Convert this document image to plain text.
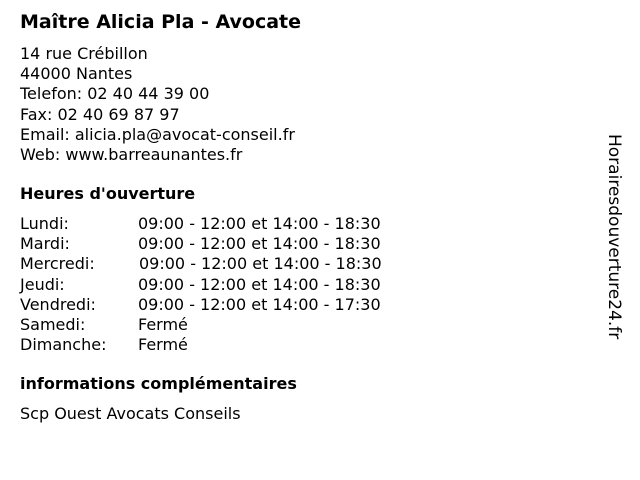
Maître Alicia Pla - Avocate
14 rue Crébillon
44000 Nantes
Telefon: 02 40 44 39 00
Fax: 02 40 69 87 97
Email: alicia.pla@avocat-conseil.fr
Web: www.barreaunantes.fr
Heures d'ouverture
Lundi:	09:00 - 12:00 et 14:00 - 18:30
Mardi:	09:00 - 12:00 et 14:00 - 18:30
Mercredi:	09:00 - 12:00 et 14:00 - 18:30
Jeudi:	09:00 - 12:00 et 14:00 - 18:30
Vendredi:	09:00 - 12:00 et 14:00 - 17:30
Samedi:	Fermé
Dimanche: Fermé
informations complémentaires
Scp Ouest Avocats Conseils
Horairesdouverture24.fr
